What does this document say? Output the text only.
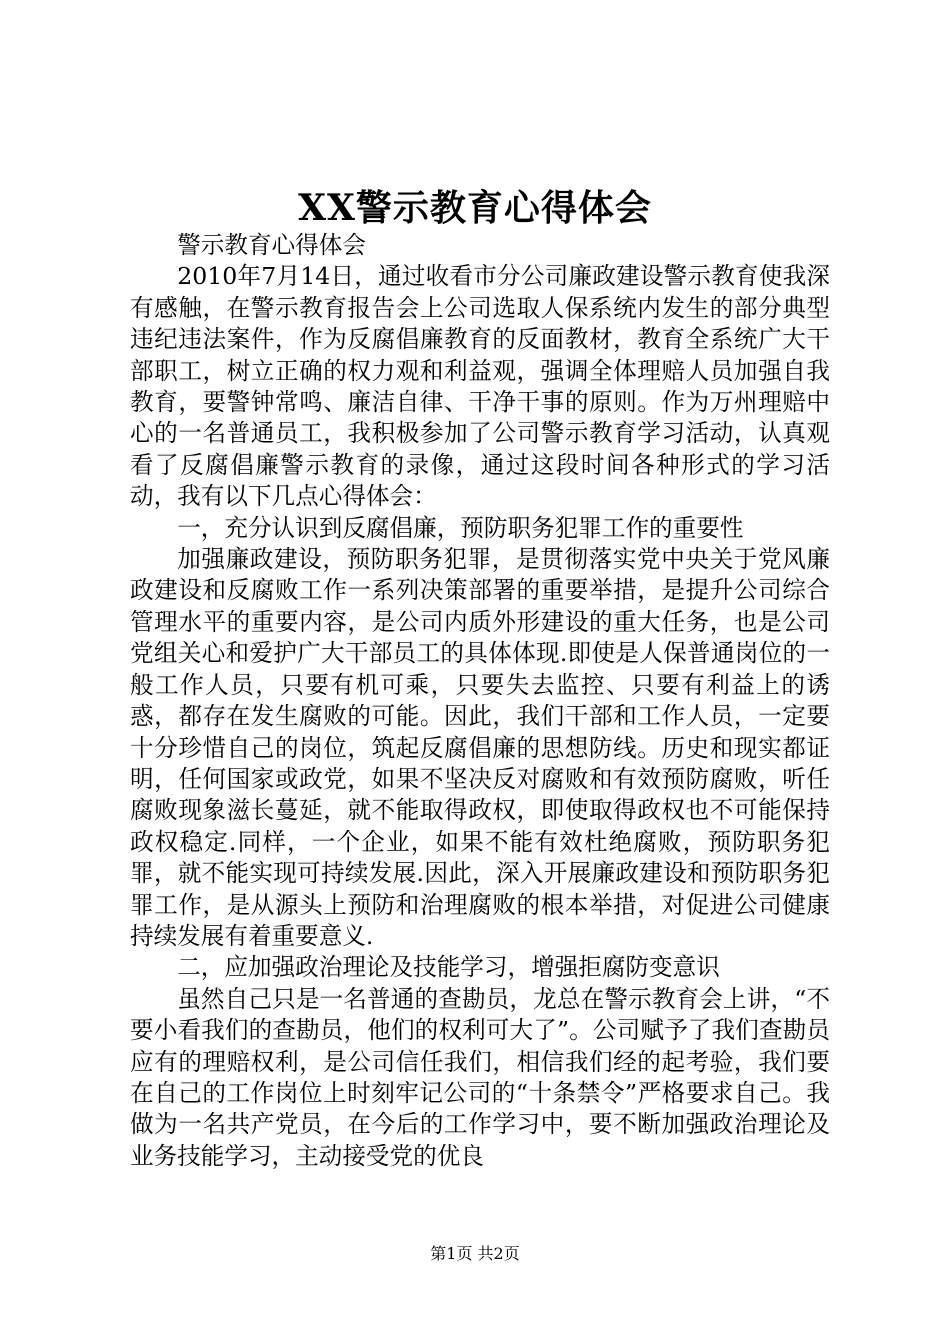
XX警示教育心得体会

警示教育心得体会

2010年7月14日，通过收看市分公司廉政建设警示教育使我深有感触，在警示教育报告会上公司选取人保系统内发生的部分典型违纪违法案件，作为反腐倡廉教育的反面教材，教育全系统广大干部职工，树立正确的权力观和利益观，强调全体理赔人员加强自我教育，要警钟常鸣、廉洁自律、干净干事的原则。作为万州理赔中心的一名普通员工，我积极参加了公司警示教育学习活动，认真观看了反腐倡廉警示教育的录像，通过这段时间各种形式的学习活动，我有以下几点心得体会：

一，充分认识到反腐倡廉，预防职务犯罪工作的重要性

加强廉政建设，预防职务犯罪，是贯彻落实党中央关于党风廉政建设和反腐败工作一系列决策部署的重要举措，是提升公司综合管理水平的重要内容，是公司内质外形建设的重大任务，也是公司党组关心和爱护广大干部员工的具体体现.即使是人保普通岗位的一般工作人员，只要有机可乘，只要失去监控、只要有利益上的诱惑，都存在发生腐败的可能。因此，我们干部和工作人员，一定要十分珍惜自己的岗位，筑起反腐倡廉的思想防线。历史和现实都证明，任何国家或政党，如果不坚决反对腐败和有效预防腐败，听任腐败现象滋长蔓延，就不能取得政权，即使取得政权也不可能保持政权稳定.同样，一个企业，如果不能有效杜绝腐败，预防职务犯罪，就不能实现可持续发展.因此，深入开展廉政建设和预防职务犯罪工作，是从源头上预防和治理腐败的根本举措，对促进公司健康持续发展有着重要意义.

二，应加强政治理论及技能学习，增强拒腐防变意识

虽然自己只是一名普通的查勘员，龙总在警示教育会上讲，“不要小看我们的查勘员，他们的权利可大了”。公司赋予了我们查勘员应有的理赔权利，是公司信任我们，相信我们经的起考验，我们要在自己的工作岗位上时刻牢记公司的“十条禁令”严格要求自己。我做为一名共产党员，在今后的工作学习中，要不断加强政治理论及业务技能学习，主动接受党的优良

第1页 共2页
